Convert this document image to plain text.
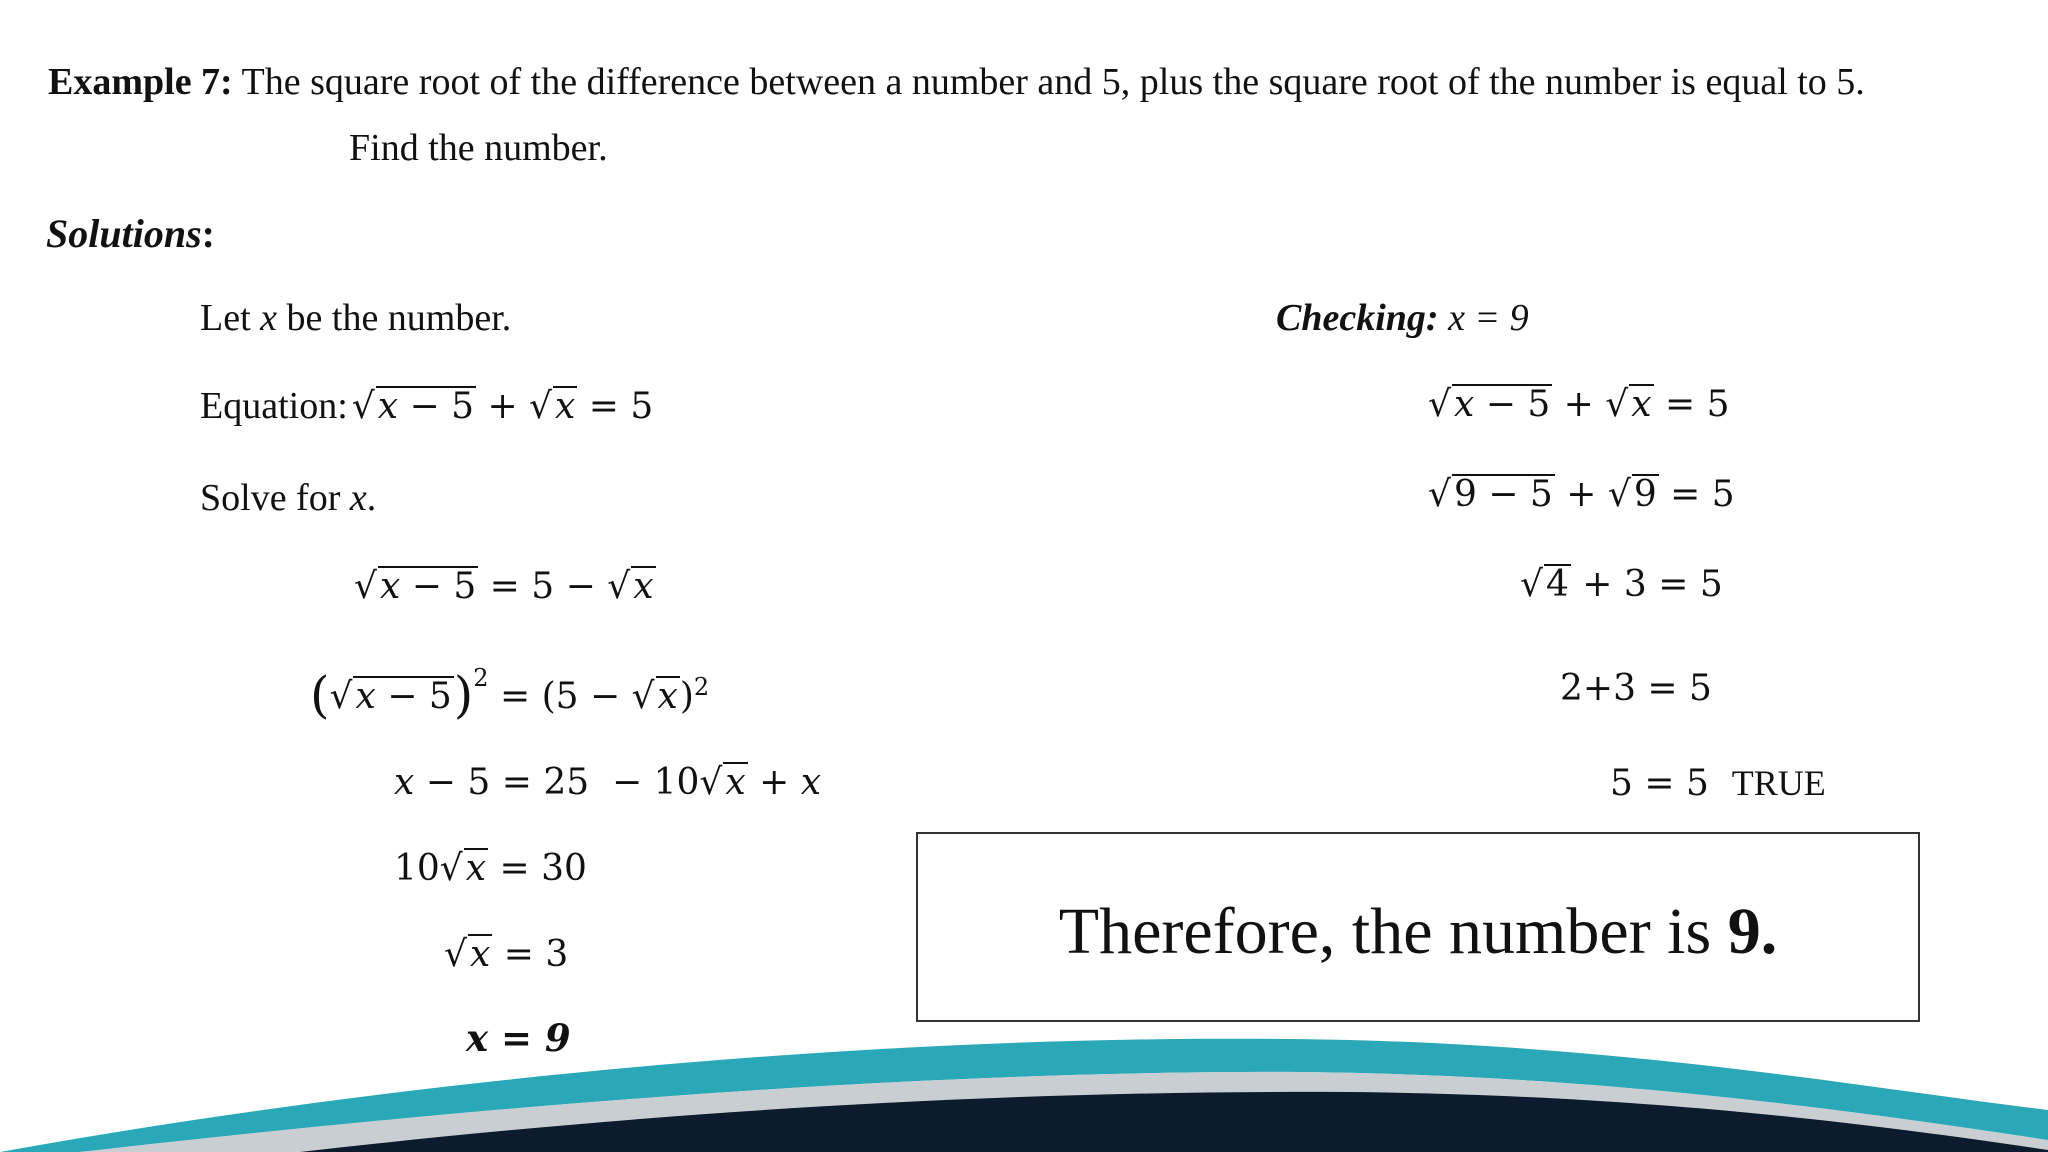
Example 7: The square root of the difference between a number and 5, plus the square root of the number is equal to 5.
Find the number.
Solutions:
Let x be the number.
Equation: √x − 5 + √x = 5
Solve for x.
√x − 5 = 5 − √x
$(√x - 5)^2 = (5 - √x)^2$
x − 5 = 25  − 10√x + x
10√x = 30
√x = 3
x = 9
Checking: x = 9
√x − 5 + √x = 5
√9 − 5 + √9 = 5
√4 + 3 = 5
2+3 = 5
5 = 5  TRUE
Therefore, the number is 9.
